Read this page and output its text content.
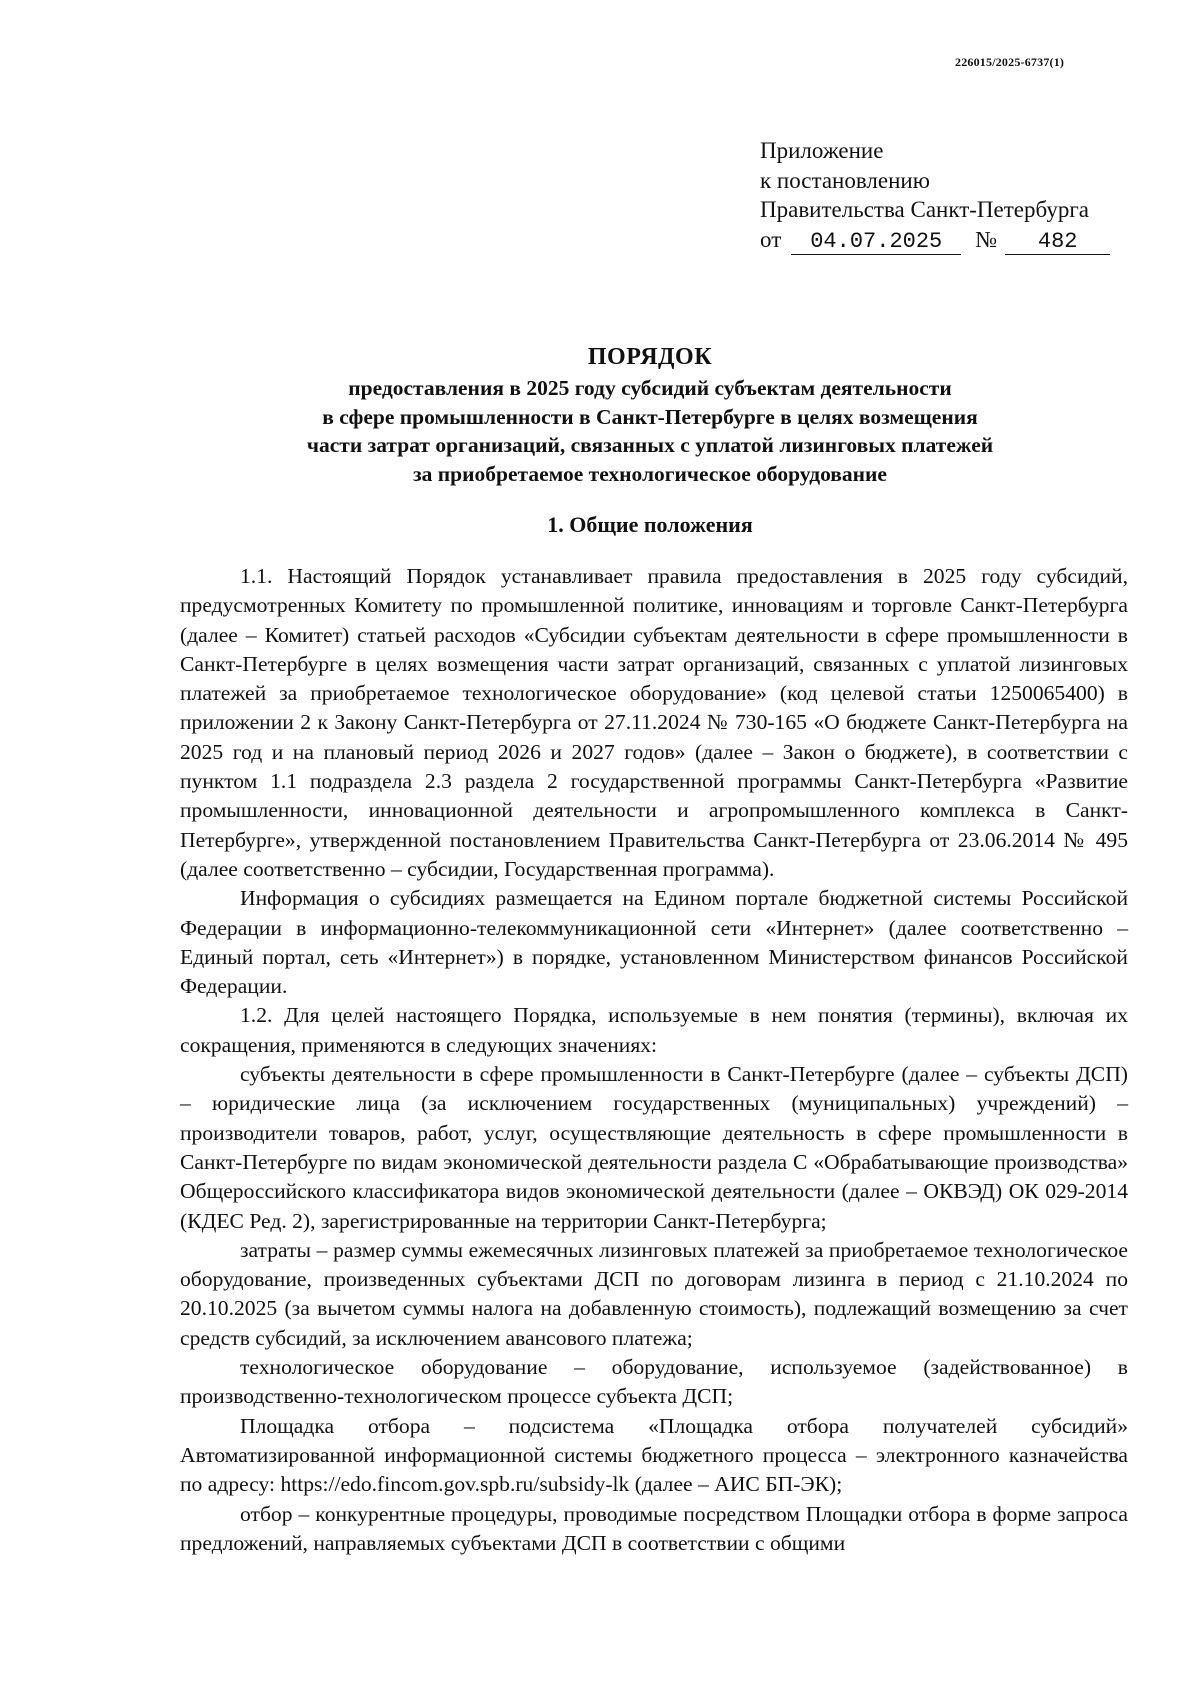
226015/2025-6737(1)
Приложение
к постановлению
Правительства Санкт-Петербурга
от 04.07.2025 № 482
ПОРЯДОК
предоставления в 2025 году субсидий субъектам деятельности
в сфере промышленности в Санкт-Петербурге в целях возмещения
части затрат организаций, связанных с уплатой лизинговых платежей
за приобретаемое технологическое оборудование
1. Общие положения

1.1. Настоящий Порядок устанавливает правила предоставления в 2025 году субсидий, предусмотренных Комитету по промышленной политике, инновациям и торговле Санкт-Петербурга (далее – Комитет) статьей расходов «Субсидии субъектам деятельности в сфере промышленности в Санкт-Петербурге в целях возмещения части затрат организаций, связанных с уплатой лизинговых платежей за приобретаемое технологическое оборудование» (код целевой статьи 1250065400) в приложении 2 к Закону Санкт-Петербурга от 27.11.2024 № 730-165 «О бюджете Санкт-Петербурга на 2025 год и на плановый период 2026 и 2027 годов» (далее – Закон о бюджете), в соответствии с пунктом 1.1 подраздела 2.3 раздела 2 государственной программы Санкт-Петербурга «Развитие промышленности, инновационной деятельности и агропромышленного комплекса в Санкт-Петербурге», утвержденной постановлением Правительства Санкт-Петербурга от 23.06.2014 № 495 (далее соответственно – субсидии, Государственная программа).

Информация о субсидиях размещается на Едином портале бюджетной системы Российской Федерации в информационно-телекоммуникационной сети «Интернет» (далее соответственно – Единый портал, сеть «Интернет») в порядке, установленном Министерством финансов Российской Федерации.

1.2. Для целей настоящего Порядка, используемые в нем понятия (термины), включая их сокращения, применяются в следующих значениях:

субъекты деятельности в сфере промышленности в Санкт-Петербурге (далее – субъекты ДСП) – юридические лица (за исключением государственных (муниципальных) учреждений) – производители товаров, работ, услуг, осуществляющие деятельность в сфере промышленности в Санкт-Петербурге по видам экономической деятельности раздела С «Обрабатывающие производства» Общероссийского классификатора видов экономической деятельности (далее – ОКВЭД) ОК 029-2014 (КДЕС Ред. 2), зарегистрированные на территории Санкт-Петербурга;

затраты – размер суммы ежемесячных лизинговых платежей за приобретаемое технологическое оборудование, произведенных субъектами ДСП по договорам лизинга в период с 21.10.2024 по 20.10.2025 (за вычетом суммы налога на добавленную стоимость), подлежащий возмещению за счет средств субсидий, за исключением авансового платежа;

технологическое оборудование – оборудование, используемое (задействованное) в производственно-технологическом процессе субъекта ДСП;

Площадка отбора – подсистема «Площадка отбора получателей субсидий» Автоматизированной информационной системы бюджетного процесса – электронного казначейства по адресу: https://edo.fincom.gov.spb.ru/subsidy-lk (далее – АИС БП-ЭК);

отбор – конкурентные процедуры, проводимые посредством Площадки отбора в форме запроса предложений, направляемых субъектами ДСП в соответствии с общими
